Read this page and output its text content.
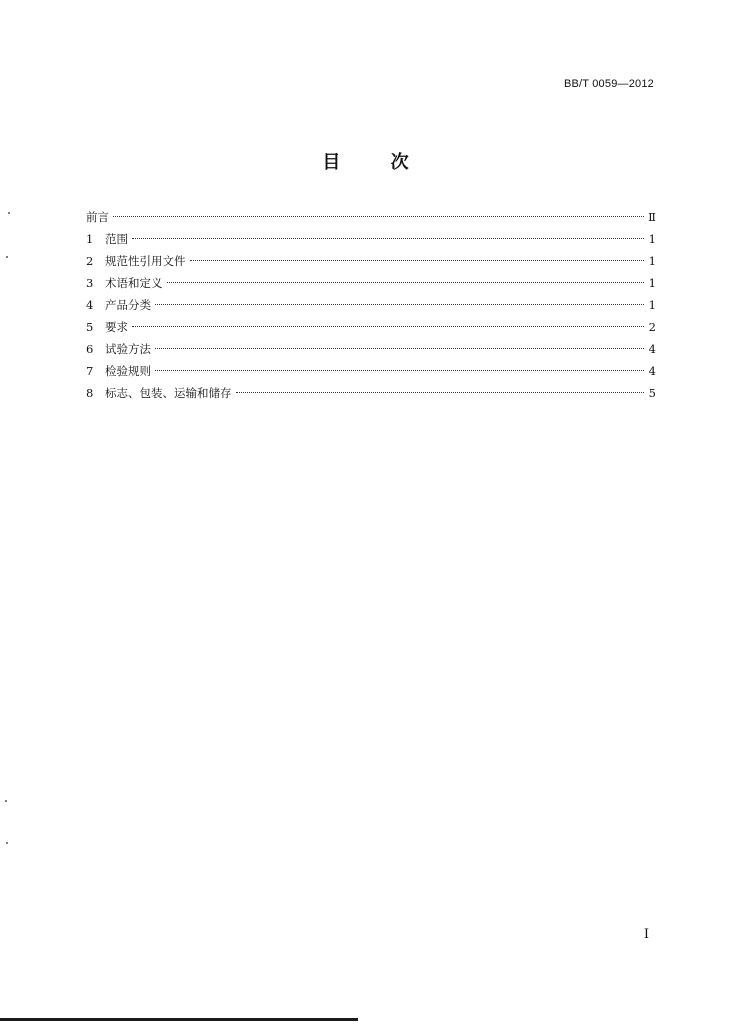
BB/T 0059—2012
目	次
前言	Ⅱ
1	范围	1
2	规范性引用文件	1
3	术语和定义	1
4	产品分类	1
5	要求	2
6	试验方法	4
7	检验规则	4
8	标志、包装、运输和储存	5
I
